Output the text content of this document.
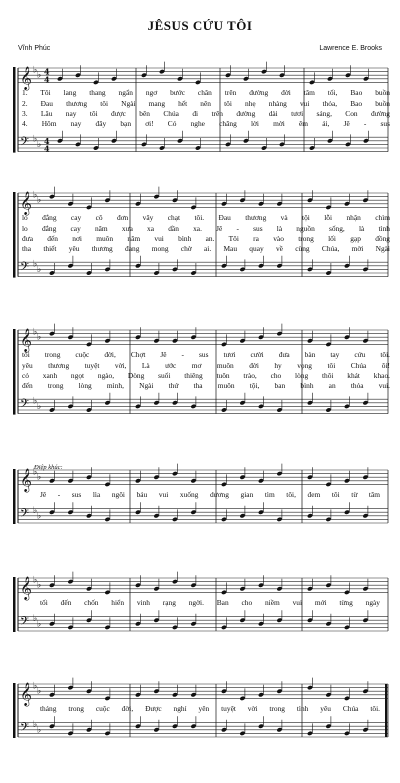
JÊSUS CỨU TÔI
Vĩnh Phúc	Lawrence E. Brooks
𝄞 ♭
♭ 4
4
𝄢 ♭
♭ 4
4
1. Tôi lang thang ngẩn ngơ bước chân trên đường đời tăm tối, Bao buồn
2. Đau thương tôi Ngài mang hết nên tôi nhẹ nhàng vui thỏa, Bao buồn
3. Lâu nay tôi được bên Chúa đi trên đường dài tươi sáng, Con đường
4. Hôm nay đây bạn ơi! Có nghe chăng lời mời êm ái, Jê - sus
𝄞 ♭
♭
𝄢 ♭
♭
lo đắng cay cô đơn vây chạt tôi. Đau thương và tội lỗi nhận chìm
lo đắng cay năm xưa xa dần xa. Jê - sus là nguồn sống, là tình
đưa đến nơi muôn năm vui bình an. Tôi ra vào trong lối gạp đồng
tha thiết yêu thương đang mong chờ ai. Mau quay về cùng Chúa, mời Ngài
𝄞 ♭
♭
𝄢 ♭
♭
tôi trong cuộc đời, Chợt Jê - sus tươi cười đưa bàn tay cứu tôi.
yêu thương tuyệt vời, Là ước mơ muôn đời hy vọng tôi Chúa ôi!
cỏ xanh ngọt ngào, Dòng suối thiêng tuôn trào, cho lòng thôi khát khao.
đến trong lòng mình, Ngài thứ tha muôn tội, ban bình an thỏa vui.
𝄞 ♭
♭
𝄢 ♭
♭
Jê - sus lìa ngôi báu vui xuống dương gian tìm tôi, đem tôi từ tăm
𝄞 ♭
♭
𝄢 ♭
♭
tối đến chốn hiển vinh rạng ngời. Ban cho niềm vui mới từng ngày
𝄞 ♭
♭
𝄢 ♭
♭
tháng trong cuộc đời, Được nghỉ yên tuyệt vời trong tình yêu Chúa tôi.
Điệp khúc:
